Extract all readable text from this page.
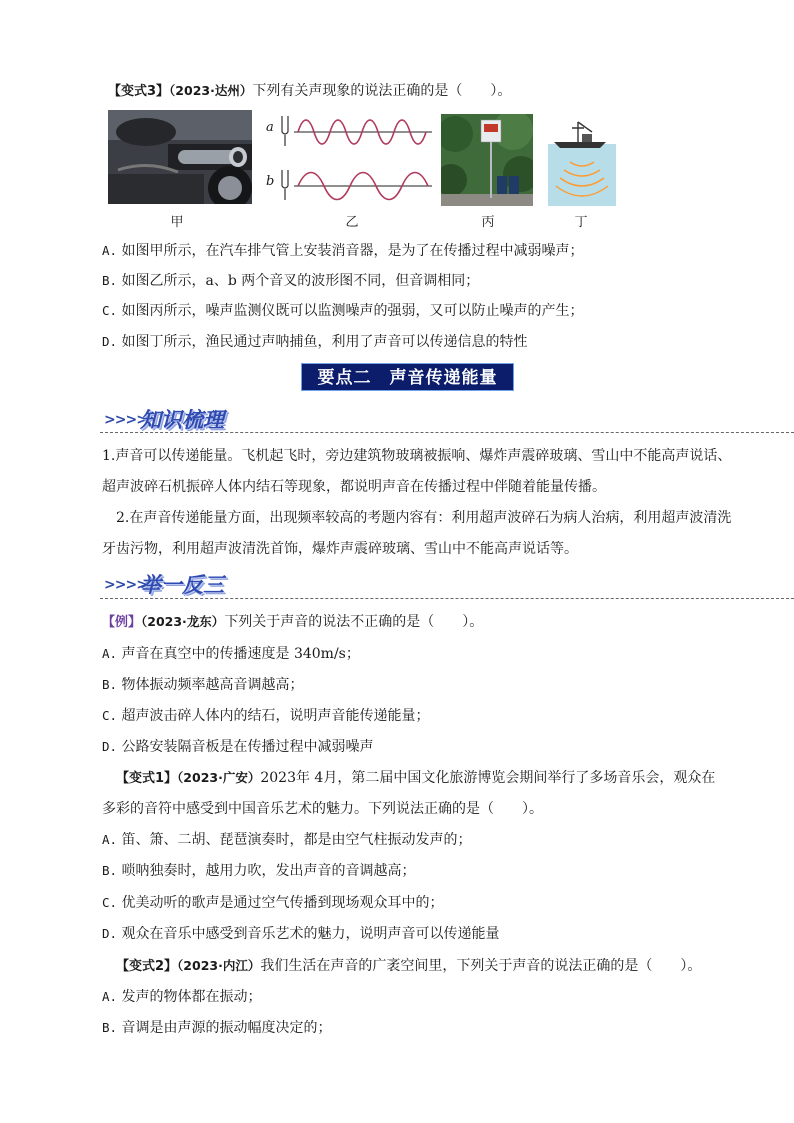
【变式3】（2023·达州）下列有关声现象的说法正确的是（　　）。
a
b
甲	乙	丙	丁
A. 如图甲所示，在汽车排气管上安装消音器，是为了在传播过程中减弱噪声；
B. 如图乙所示，a、b 两个音叉的波形图不同，但音调相同；
C. 如图丙所示，噪声监测仪既可以监测噪声的强弱，又可以防止噪声的产生；
D. 如图丁所示，渔民通过声呐捕鱼，利用了声音可以传递信息的特性
要点二　声音传递能量
>>>>
知识梳理
1.声音可以传递能量。飞机起飞时，旁边建筑物玻璃被振响、爆炸声震碎玻璃、雪山中不能高声说话、
超声波碎石机振碎人体内结石等现象，都说明声音在传播过程中伴随着能量传播。
2.在声音传递能量方面，出现频率较高的考题内容有：利用超声波碎石为病人治病，利用超声波清洗
牙齿污物，利用超声波清洗首饰，爆炸声震碎玻璃、雪山中不能高声说话等。
>>>>
举一反三
【例】（2023·龙东）下列关于声音的说法不正确的是（　　）。
A. 声音在真空中的传播速度是 340m/s；
B. 物体振动频率越高音调越高；
C. 超声波击碎人体内的结石，说明声音能传递能量；
D. 公路安装隔音板是在传播过程中减弱噪声
【变式1】（2023·广安）2023年 4月，第二届中国文化旅游博览会期间举行了多场音乐会，观众在
多彩的音符中感受到中国音乐艺术的魅力。下列说法正确的是（　　）。
A. 笛、箫、二胡、琵琶演奏时，都是由空气柱振动发声的；
B. 唢呐独奏时，越用力吹，发出声音的音调越高；
C. 优美动听的歌声是通过空气传播到现场观众耳中的；
D. 观众在音乐中感受到音乐艺术的魅力，说明声音可以传递能量
【变式2】（2023·内江）我们生活在声音的广袤空间里，下列关于声音的说法正确的是（　　）。
A. 发声的物体都在振动；
B. 音调是由声源的振动幅度决定的；
